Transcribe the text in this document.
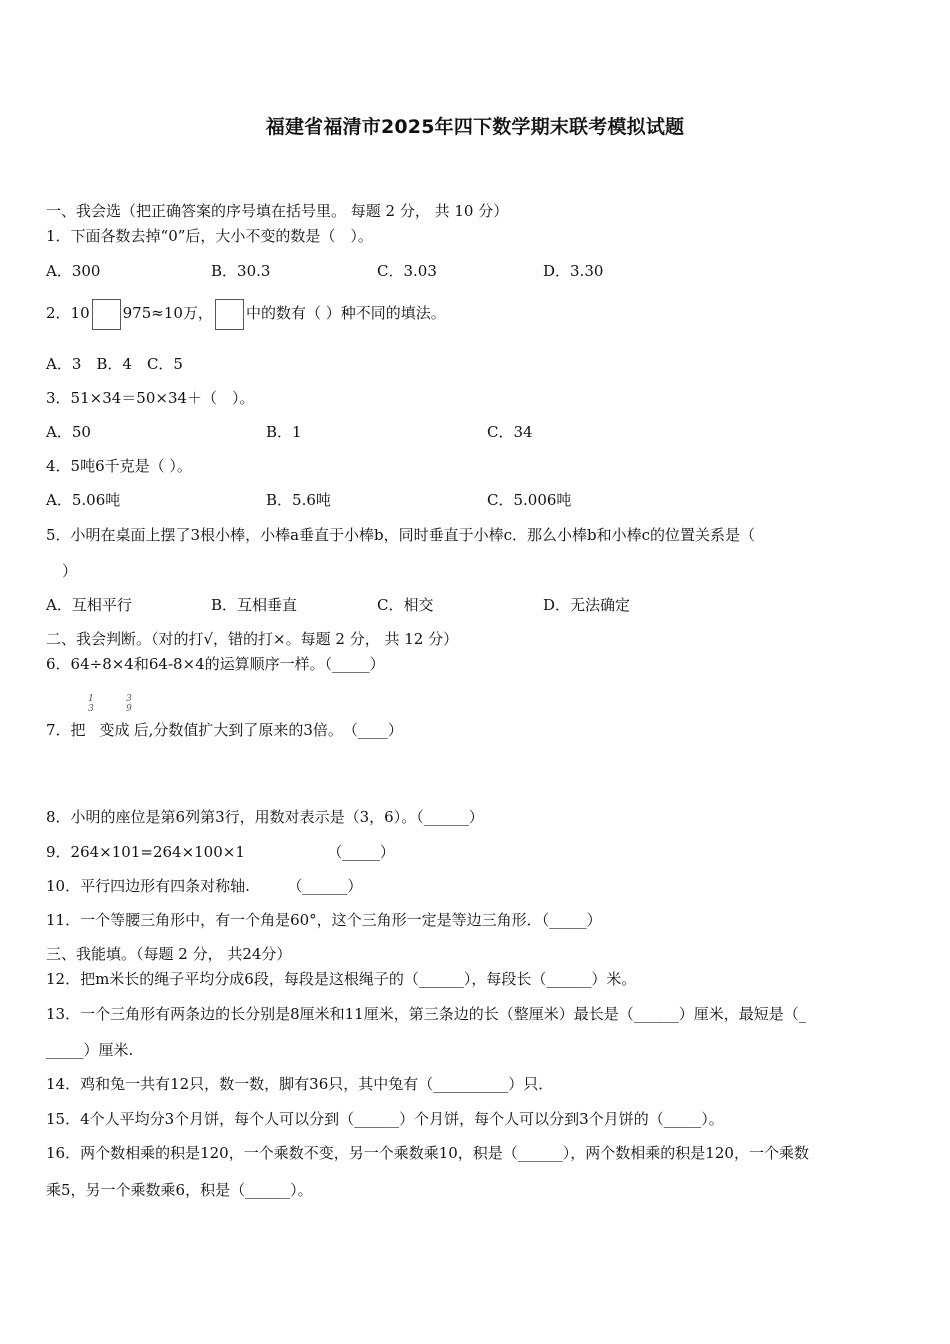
福建省福清市2025年四下数学期末联考模拟试题
一、我会选（把正确答案的序号填在括号里。 每题 2 分， 共 10 分）
1．下面各数去掉“0”后，大小不变的数是（　）。
A．300	B．30.3	C．3.03	D．3.30
2．10 975≈10万， 中的数有（ ）种不同的填法。
A．3　B．4　C．5
3．51×34＝50×34＋（　）。
A．50	B．1	C．34
4．5吨6千克是（ ）。
A．5.06吨	B．5.6吨	C．5.006吨
5．小明在桌面上摆了3根小棒，小棒a垂直于小棒b，同时垂直于小棒c．那么小棒b和小棒c的位置关系是（
）
A．互相平行	B．互相垂直	C．相交	D．无法确定
二、我会判断。（对的打√，错的打×。每题 2 分， 共 12 分）
6．64÷8×4和64-8×4的运算顺序一样。（_____）
1
3
3
9
7．把 变成 后,分数值扩大到了原来的3倍。　（____）
8．小明的座位是第6列第3行，用数对表示是（3，6）。（______）
9．264×101=264×100×1　　　　　　（_____）
10．平行四边形有四条对称轴.　　　（______）
11．一个等腰三角形中，有一个角是60°，这个三角形一定是等边三角形．（_____）
三、我能填。（每题 2 分， 共24分）
12．把m米长的绳子平均分成6段，每段是这根绳子的（______），每段长（______）米。
13．一个三角形有两条边的长分别是8厘米和11厘米，第三条边的长（整厘米）最长是（______）厘米，最短是（_
_____）厘米.
14．鸡和兔一共有12只，数一数，脚有36只，其中兔有（__________）只．
15．4个人平均分3个月饼，每个人可以分到（______）个月饼，每个人可以分到3个月饼的（_____）。
16．两个数相乘的积是120，一个乘数不变，另一个乘数乘10，积是（______），两个数相乘的积是120，一个乘数
乘5，另一个乘数乘6，积是（______）。
